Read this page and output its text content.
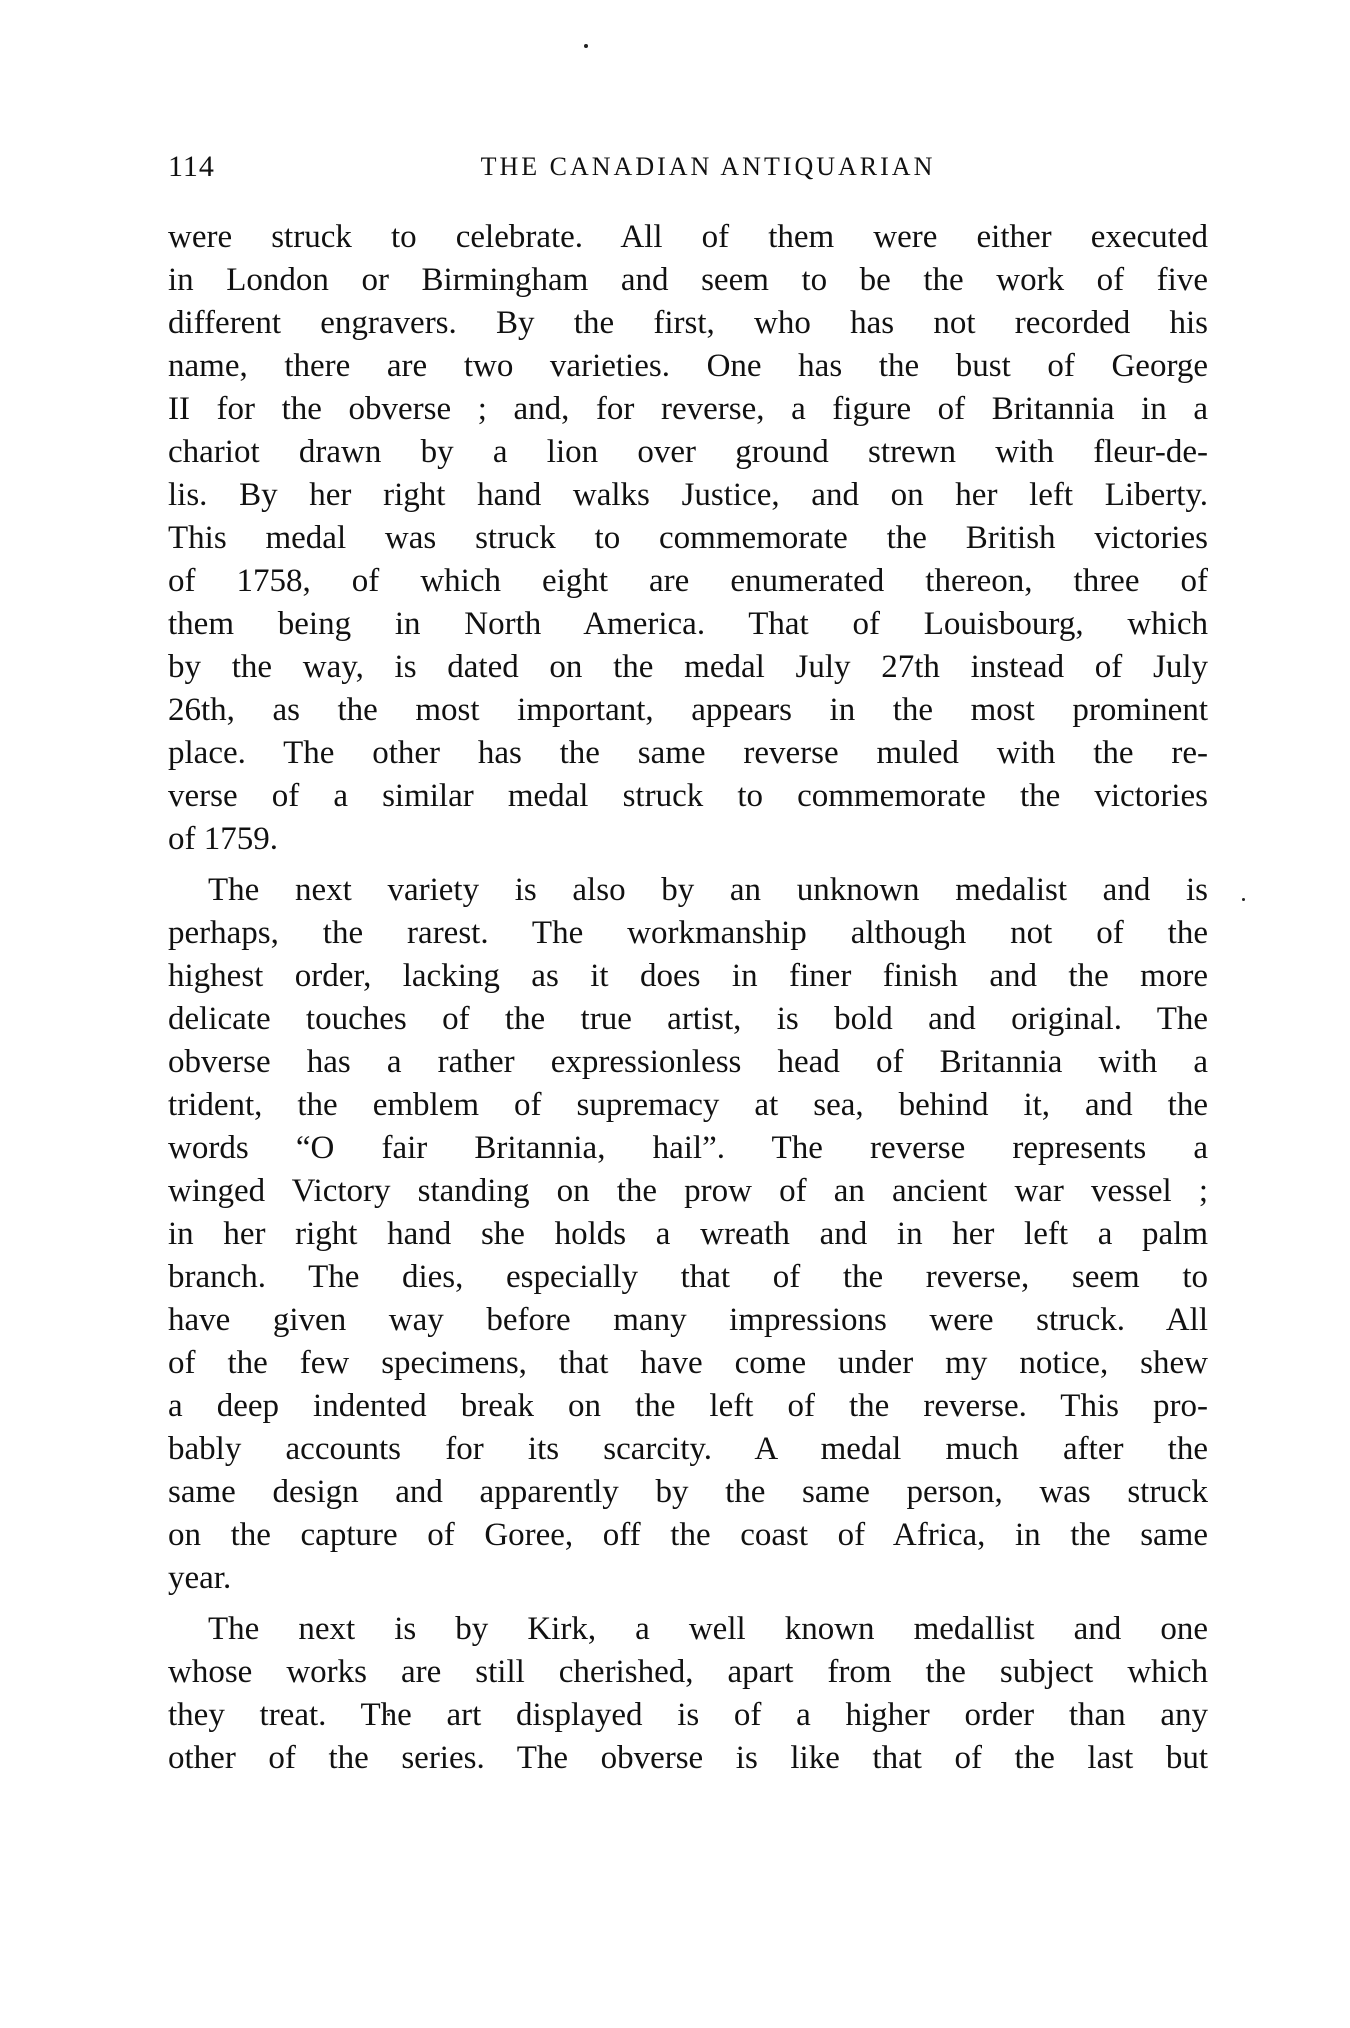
114	THE CANADIAN ANTIQUARIAN
were struck to celebrate. All of them were either executed
in London or Birmingham and seem to be the work of five
different engravers. By the first, who has not recorded his
name, there are two varieties. One has the bust of George
II for the obverse ; and, for reverse, a figure of Britannia in a
chariot drawn by a lion over ground strewn with fleur-de-
lis. By her right hand walks Justice, and on her left Liberty.
This medal was struck to commemorate the British victories
of 1758, of which eight are enumerated thereon, three of
them being in North America. That of Louisbourg, which
by the way, is dated on the medal July 27th instead of July
26th, as the most important, appears in the most prominent
place. The other has the same reverse muled with the re-
verse of a similar medal struck to commemorate the victories
of 1759.
The next variety is also by an unknown medalist and is
perhaps, the rarest. The workmanship although not of the
highest order, lacking as it does in finer finish and the more
delicate touches of the true artist, is bold and original. The
obverse has a rather expressionless head of Britannia with a
trident, the emblem of supremacy at sea, behind it, and the
words “O fair Britannia, hail”. The reverse represents a
winged Victory standing on the prow of an ancient war vessel ;
in her right hand she holds a wreath and in her left a palm
branch. The dies, especially that of the reverse, seem to
have given way before many impressions were struck. All
of the few specimens, that have come under my notice, shew
a deep indented break on the left of the reverse. This pro-
bably accounts for its scarcity. A medal much after the
same design and apparently by the same person, was struck
on the capture of Goree, off the coast of Africa, in the same
year.
The next is by Kirk, a well known medallist and one
whose works are still cherished, apart from the subject which
they treat. The art displayed is of a higher order than any
other of the series. The obverse is like that of the last but
